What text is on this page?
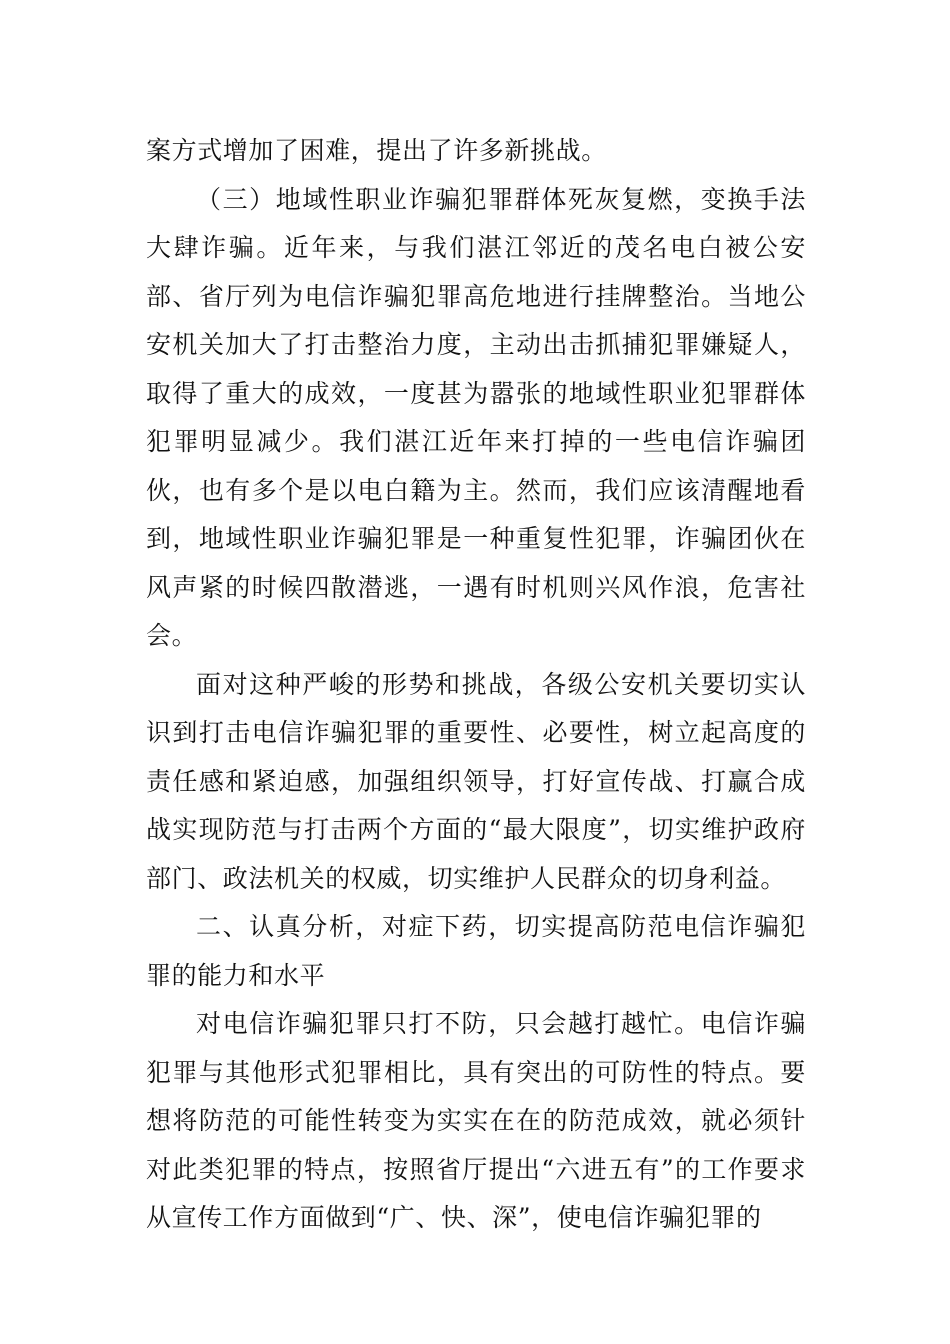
案方式增加了困难，提出了许多新挑战。

（三）地域性职业诈骗犯罪群体死灰复燃，变换手法大肆诈骗。近年来，与我们湛江邻近的茂名电白被公安部、省厅列为电信诈骗犯罪高危地进行挂牌整治。当地公安机关加大了打击整治力度，主动出击抓捕犯罪嫌疑人，取得了重大的成效，一度甚为嚣张的地域性职业犯罪群体犯罪明显减少。我们湛江近年来打掉的一些电信诈骗团伙，也有多个是以电白籍为主。然而，我们应该清醒地看到，地域性职业诈骗犯罪是一种重复性犯罪，诈骗团伙在风声紧的时候四散潜逃，一遇有时机则兴风作浪，危害社会。

面对这种严峻的形势和挑战，各级公安机关要切实认识到打击电信诈骗犯罪的重要性、必要性，树立起高度的责任感和紧迫感，加强组织领导，打好宣传战、打赢合成战实现防范与打击两个方面的“最大限度”，切实维护政府部门、政法机关的权威，切实维护人民群众的切身利益。

二、认真分析，对症下药，切实提高防范电信诈骗犯罪的能力和水平

对电信诈骗犯罪只打不防，只会越打越忙。电信诈骗犯罪与其他形式犯罪相比，具有突出的可防性的特点。要想将防范的可能性转变为实实在在的防范成效，就必须针对此类犯罪的特点，按照省厅提出“六进五有”的工作要求从宣传工作方面做到“广、快、深”，使电信诈骗犯罪的
